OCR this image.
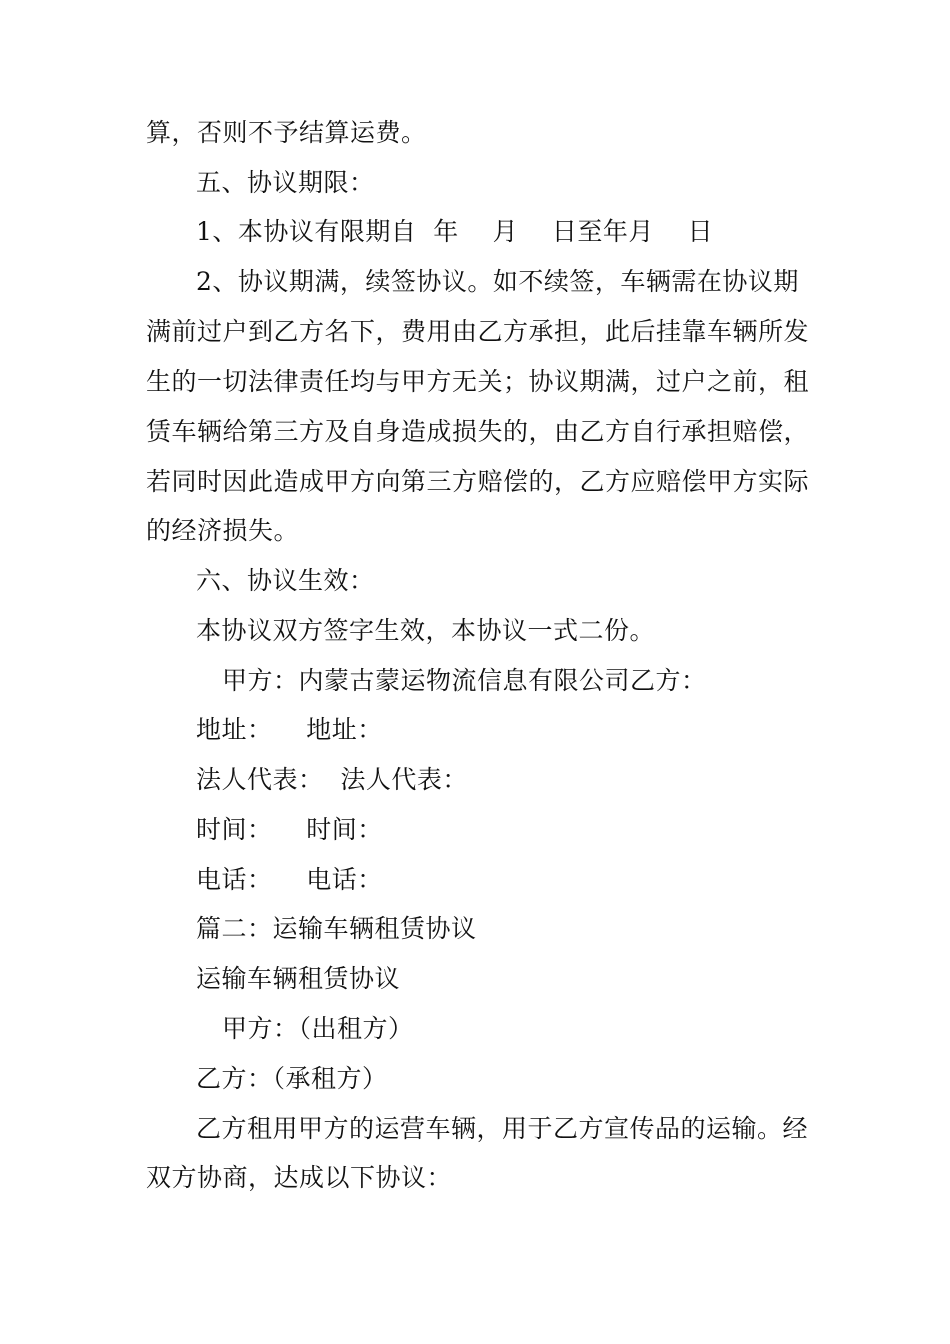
算，否则不予结算运费。
五、协议期限：
1、本协议有限期自  年    月    日至年月    日
2、协议期满，续签协议。如不续签，车辆需在协议期
满前过户到乙方名下，费用由乙方承担，此后挂靠车辆所发
生的一切法律责任均与甲方无关；协议期满，过户之前，租
赁车辆给第三方及自身造成损失的，由乙方自行承担赔偿，
若同时因此造成甲方向第三方赔偿的，乙方应赔偿甲方实际
的经济损失。
六、协议生效：
本协议双方签字生效，本协议一式二份。
甲方：内蒙古蒙运物流信息有限公司乙方：
地址：    地址：
法人代表：  法人代表：
时间：    时间：
电话：    电话：
篇二：运输车辆租赁协议
运输车辆租赁协议
甲方：（出租方）
乙方：（承租方）
乙方租用甲方的运营车辆，用于乙方宣传品的运输。经
双方协商，达成以下协议：
